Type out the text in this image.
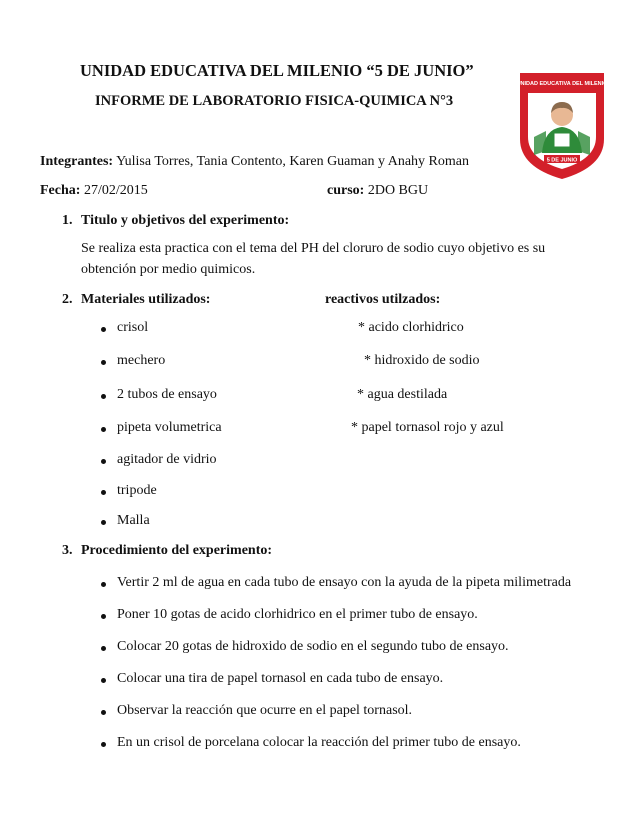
UNIDAD EDUCATIVA DEL MILENIO “5 DE JUNIO”
INFORME DE LABORATORIO FISICA-QUIMICA N°3
UNIDAD EDUCATIVA DEL MILENIO
5 DE JUNIO
Integrantes: Yulisa Torres, Tania Contento, Karen Guaman y Anahy Roman
Fecha: 27/02/2015	curso: 2DO BGU
1. Titulo y objetivos del experimento:
Se realiza esta practica con el tema del PH del cloruro de sodio cuyo objetivo es su
obtención por medio quimicos.
2. Materiales utilizados:	reactivos utilzados:
crisol
mechero
2 tubos de ensayo
pipeta volumetrica
agitador de vidrio
tripode
Malla
* acido clorhidrico
* hidroxido de sodio
* agua destilada
* papel tornasol rojo y azul
3. Procedimiento del experimento:
Vertir 2 ml de agua en cada tubo de ensayo con la ayuda de la pipeta milimetrada
Poner 10 gotas de acido clorhidrico en el primer tubo de ensayo.
Colocar 20 gotas de hidroxido de sodio en el segundo tubo de ensayo.
Colocar una tira de papel tornasol en cada tubo de ensayo.
Observar la reacción que ocurre en el papel tornasol.
En un crisol de porcelana colocar la reacción del primer tubo de ensayo.
